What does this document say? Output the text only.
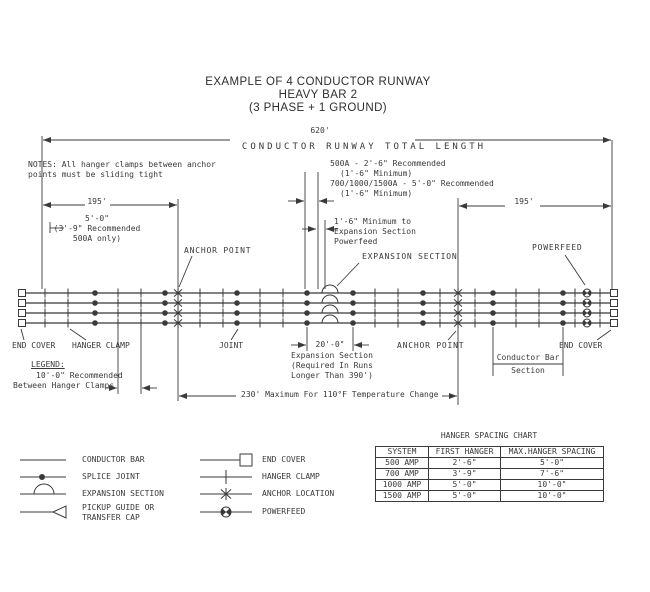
EXAMPLE OF 4 CONDUCTOR RUNWAY
HEAVY BAR 2
(3 PHASE + 1 GROUND)
620'
CONDUCTOR RUNWAY TOTAL LENGTH
NOTES: All hanger clamps between anchor
points must be sliding tight
195'
5'-0"
(3'-9" Recommended
500A only)
ANCHOR POINT
500A - 2'-6" Recommended
(1'-6" Minimum)
700/1000/1500A - 5'-0" Recommended
(1'-6" Minimum)
1'-6" Minimum to
Expansion Section
Powerfeed
EXPANSION SECTION
195'
POWERFEED
END COVER HANGER CLAMP	JOINT
LEGEND:
10'-0" Recommended
Between Hanger Clamps
20'-0"
Expansion Section
(Required In Runs
Longer Than 390')
ANCHOR POINT
Conductor Bar
Section
END COVER
230' Maximum For 110°F Temperature Change
CONDUCTOR BAR
SPLICE JOINT
EXPANSION SECTION
PICKUP GUIDE OR
TRANSFER CAP
END COVER
HANGER CLAMP
ANCHOR LOCATION
POWERFEED
HANGER SPACING CHART
SYSTEM	FIRST HANGER	MAX.HANGER SPACING
500 AMP	2'-6"	5'-0"
700 AMP	3'-9"	7'-6"
1000 AMP	5'-0"	10'-0"
1500 AMP	5'-0"	10'-0"
